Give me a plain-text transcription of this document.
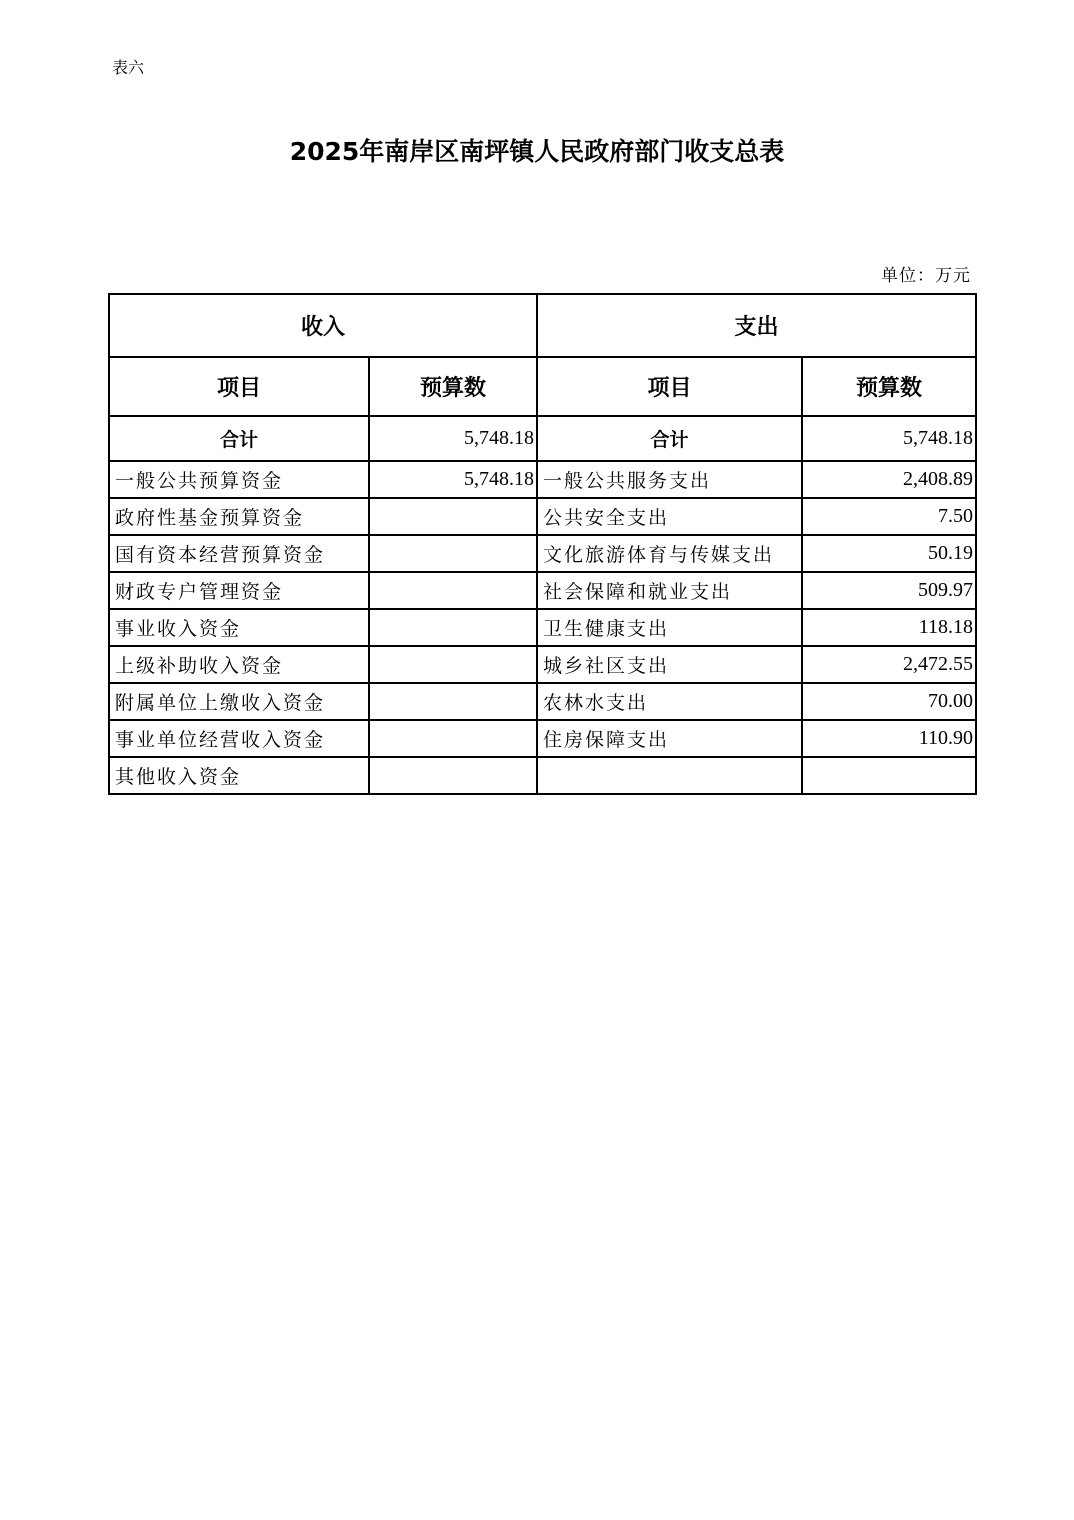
表六
2025年南岸区南坪镇人民政府部门收支总表
单位：万元
收入		支出	
项目	预算数	项目	预算数
合计	5,748.18	合计	5,748.18
一般公共预算资金	5,748.18	一般公共服务支出	2,408.89
政府性基金预算资金		公共安全支出	7.50
国有资本经营预算资金		文化旅游体育与传媒支出	50.19
财政专户管理资金		社会保障和就业支出	509.97
事业收入资金		卫生健康支出	118.18
上级补助收入资金		城乡社区支出	2,472.55
附属单位上缴收入资金		农林水支出	70.00
事业单位经营收入资金		住房保障支出	110.90
其他收入资金			
